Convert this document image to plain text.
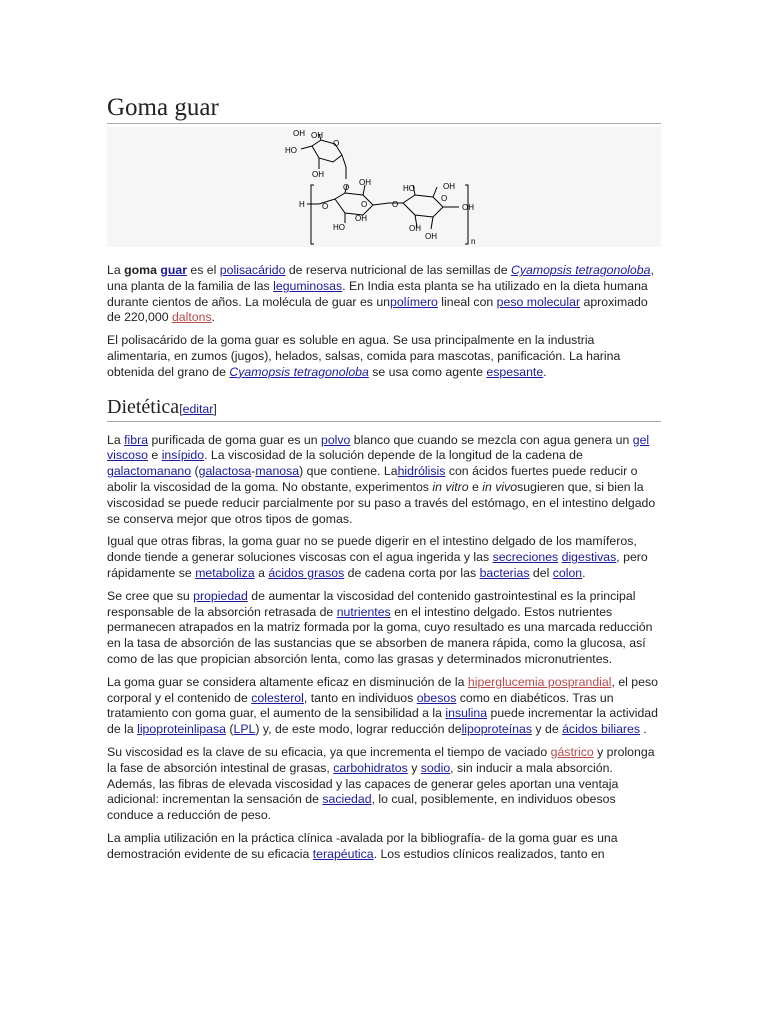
Goma guar
OH OH
HO
O
OH
O
H O
HO
OH
O
OH
O
HO
O
OH
OH
OH
OH
n

La goma guar es el polisacárido de reserva nutricional de las semillas de Cyamopsis tetragonoloba, una planta de la familia de las leguminosas. En India esta planta se ha utilizado en la dieta humana durante cientos de años. La molécula de guar es unpolímero lineal con peso molecular aproximado de 220,000 daltons.

El polisacárido de la goma guar es soluble en agua. Se usa principalmente en la industria alimentaria, en zumos (jugos), helados, salsas, comida para mascotas, panificación. La harina obtenida del grano de Cyamopsis tetragonoloba se usa como agente espesante.

Dietética[editar]

La fibra purificada de goma guar es un polvo blanco que cuando se mezcla con agua genera un gel viscoso e insípido. La viscosidad de la solución depende de la longitud de la cadena de galactomanano (galactosa-manosa) que contiene. Lahidrólisis con ácidos fuertes puede reducir o abolir la viscosidad de la goma. No obstante, experimentos in vitro e in vivosugieren que, si bien la viscosidad se puede reducir parcialmente por su paso a través del estómago, en el intestino delgado se conserva mejor que otros tipos de gomas.

Igual que otras fibras, la goma guar no se puede digerir en el intestino delgado de los mamíferos, donde tiende a generar soluciones viscosas con el agua ingerida y las secreciones digestivas, pero rápidamente se metaboliza a ácidos grasos de cadena corta por las bacterias del colon.

Se cree que su propiedad de aumentar la viscosidad del contenido gastrointestinal es la principal responsable de la absorción retrasada de nutrientes en el intestino delgado. Estos nutrientes permanecen atrapados en la matriz formada por la goma, cuyo resultado es una marcada reducción en la tasa de absorción de las sustancias que se absorben de manera rápida, como la glucosa, así como de las que propician absorción lenta, como las grasas y determinados micronutrientes.

La goma guar se considera altamente eficaz en disminución de la hiperglucemia posprandial, el peso corporal y el contenido de colesterol, tanto en individuos obesos como en diabéticos. Tras un tratamiento con goma guar, el aumento de la sensibilidad a la insulina puede incrementar la actividad de la lipoproteinlipasa (LPL) y, de este modo, lograr reducción delipoproteínas y de ácidos biliares .

Su viscosidad es la clave de su eficacia, ya que incrementa el tiempo de vaciado gástrico y prolonga la fase de absorción intestinal de grasas, carbohidratos y sodio, sin inducir a mala absorción. Además, las fibras de elevada viscosidad y las capaces de generar geles aportan una ventaja adicional: incrementan la sensación de saciedad, lo cual, posiblemente, en individuos obesos conduce a reducción de peso.

La amplia utilización en la práctica clínica -avalada por la bibliografía- de la goma guar es una demostración evidente de su eficacia terapéutica. Los estudios clínicos realizados, tanto en
